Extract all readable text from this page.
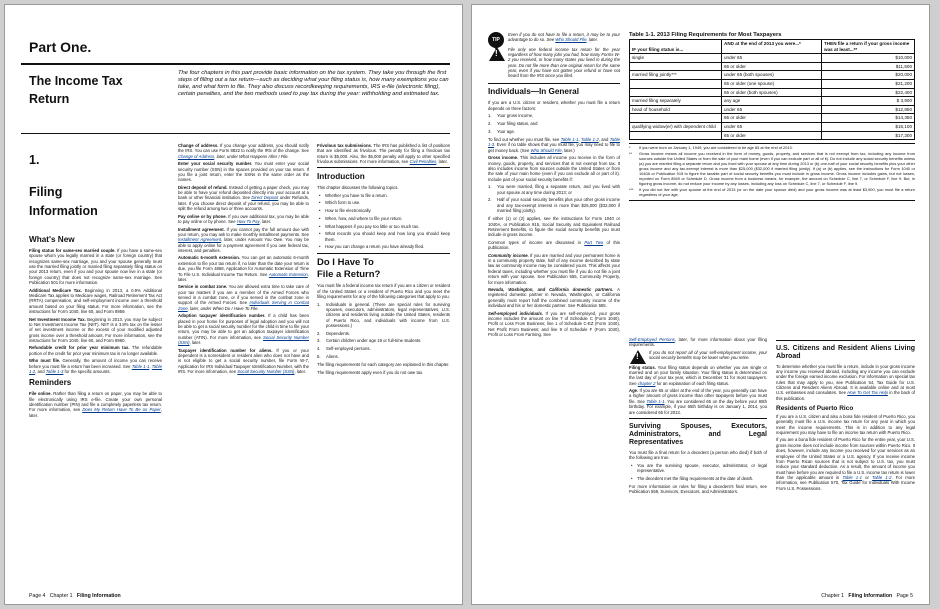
Part One.
The Income Tax
Return
The four chapters in this part provide basic information on the tax system. They take you through the first steps of filling out a tax return—such as deciding what your filing status is, how many exemptions you can take, and what form to file. They also discuss recordkeeping requirements, IRS e-file (electronic filing), certain penalties, and the two methods used to pay tax during the year: withholding and estimated tax.
1.
Filing
Information
What's New

Filing status for same-sex married couple. If you have a same-sex spouse whom you legally married in a state (or foreign country) that recognizes same-sex marriage, you and your spouse generally must use the married filing jointly or married filing separately filing status on your 2013 return, even if you and your spouse now live in a state (or foreign country) that does not recognize same-sex marriage. See Publication 501 for more information.

Additional Medicare Tax. Beginning in 2013, a 0.9% Additional Medicare Tax applies to Medicare wages, Railroad Retirement Tax Act (RRTA) compensation, and self-employment income over a threshold amount based on your filing status. For more information, see the instructions for Form 1040, line 60, and Form 8959.

Net Investment Income Tax. Beginning in 2013, you may be subject to Net Investment Income Tax (NIIT). NIIT is a 3.8% tax on the lesser of net investment income or the excess of your modified adjusted gross income over a threshold amount. For more information, see the instructions for Form 1040, line 60, and Form 8960.

Refundable credit for prior year minimum tax. The refundable portion of the credit for prior year minimum tax is no longer available.

Who must file. Generally, the amount of income you can receive before you must file a return has been increased. See Table 1-1, Table 1-2, and Table 1-3 for the specific amounts.

Reminders

File online. Rather than filing a return on paper, you may be able to file electronically using IRS e-file. Create your own personal identification number (PIN) and file a completely paperless tax return. For more information, see Does My Return Have To Be on Paper, later.

Change of address. If you change your address, you should notify the IRS. You can use Form 8822 to notify the IRS of the change. See Change of Address, later, under What Happens After I File.

Enter your social security number. You must enter your social security number (SSN) in the spaces provided on your tax return. If you file a joint return, enter the SSNs in the same order as the names.

Direct deposit of refund. Instead of getting a paper check, you may be able to have your refund deposited directly into your account at a bank or other financial institution. See Direct Deposit under Refunds, later. If you choose direct deposit of your refund, you may be able to split the refund among two or three accounts.

Pay online or by phone. If you owe additional tax, you may be able to pay online or by phone. See How To Pay, later.

Installment agreement. If you cannot pay the full amount due with your return, you may ask to make monthly installment payments. See Installment Agreement, later, under Amount You Owe. You may be able to apply online for a payment agreement if you owe federal tax, interest, and penalties.

Automatic 6-month extension. You can get an automatic 6-month extension to file your tax return if, no later than the date your return is due, you file Form 4868, Application for Automatic Extension of Time To File U.S. Individual Income Tax Return. See Automatic Extension, later.

Service in combat zone. You are allowed extra time to take care of your tax matters if you are a member of the Armed Forces who served in a combat zone, or if you served in the combat zone in support of the Armed Forces. See Individuals Serving in Combat Zone, later, under When Do I Have To File.

Adoption taxpayer identification number. If a child has been placed in your home for purposes of legal adoption and you will not be able to get a social security number for the child in time to file your return, you may be able to get an adoption taxpayer identification number (ATIN). For more information, see Social Security Number (SSN), later.

Taxpayer identification number for aliens. If you or your dependent is a nonresident or resident alien who does not have and is not eligible to get a social security number, file Form W-7, Application for IRS Individual Taxpayer Identification Number, with the IRS. For more information, see Social Security Number (SSN), later.

Frivolous tax submissions. The IRS has published a list of positions that are identified as frivolous. The penalty for filing a frivolous tax return is $5,000. Also, the $5,000 penalty will apply to other specified frivolous submissions. For more information, see Civil Penalties, later.

Introduction

This chapter discusses the following topics.

• Whether you have to file a return.
• Which form to use.
• How to file electronically.
• When, how, and where to file your return.
• What happens if you pay too little or too much tax.
• What records you should keep and how long you should keep them.
• How you can change a return you have already filed.
Do I Have To
File a Return?

You must file a federal income tax return if you are a citizen or resident of the United States or a resident of Puerto Rico and you meet the filing requirements for any of the following categories that apply to you.

1. Individuals in general. (There are special rules for surviving spouses, executors, administrators, legal representatives, U.S. citizens and residents living outside the United States, residents of Puerto Rico, and individuals with income from U.S. possessions.)
2. Dependents.
3. Certain children under age 19 or full-time students.
4. Self-employed persons.
5. Aliens.

The filing requirements for each category are explained in this chapter.

The filing requirements apply even if you do not owe tax.

Page 4 Chapter 1 Filing Information
TIP
Even if you do not have to file a return, it may be to your advantage to do so. See Who Should File, later.
! File only one federal income tax return for the year regardless of how many jobs you had, how many Forms W-2 you received, or how many states you lived in during the year. Do not file more than one original return for the same year, even if you have not gotten your refund or have not heard from the IRS since you filed.
Individuals—In General

If you are a U.S. citizen or resident, whether you must file a return depends on three factors:

1. Your gross income,
2. Your filing status, and
3. Your age.

To find out whether you must file, see Table 1-1, Table 1-2, and Table 1-3. Even if no table shows that you must file, you may need to file to get money back. (See Who Should File, later.)

Gross income. This includes all income you receive in the form of money, goods, property, and services that is not exempt from tax. It also includes income from sources outside the United States or from the sale of your main home (even if you can exclude all or part of it). Include part of your social security benefits if:

1. You were married, filing a separate return, and you lived with your spouse at any time during 2013; or
2. Half of your social security benefits plus your other gross income and any tax-exempt interest is more than $25,000 ($32,000 if married filing jointly).

If either (1) or (2) applies, see the instructions for Form 1040 or 1040A, or Publication 915, Social Security and Equivalent Railroad Retirement Benefits, to figure the social security benefits you must include in gross income.

Common types of income are discussed in Part Two of this publication.

Community income. If you are married and your permanent home is in a community property state, half of any income described by state law as community income may be considered yours. This affects your federal taxes, including whether you must file if you do not file a joint return with your spouse. See Publication 555, Community Property, for more information.

Nevada, Washington, and California domestic partners. A registered domestic partner in Nevada, Washington, or California generally must report half the combined community income of the individual and his or her domestic partner. See Publication 555.

Self-employed individuals. If you are self-employed, your gross income includes the amount on line 7 of Schedule C (Form 1040), Profit or Loss From Business; line 1 of Schedule C-EZ (Form 1040), Net Profit From Business; and line 9 of Schedule F (Form 1040), Profit or Loss From Farming. See

Table 1-1. 2013 Filing Requirements for Most Taxpayers
IF your filing status is...	AND at the end of 2013 you were...*	THEN file a return if your gross income was at least...**
single	under 65	$10,000
	65 or older	$11,500
married filing jointly***	under 65 (both spouses)	$20,000
	65 or older (one spouse)	$21,200
	65 or older (both spouses)	$22,400
married filing separately	any age	$ 3,900
head of household	under 65	$12,850
	65 or older	$14,350
qualifying widow(er) with dependent child	under 65	$16,100
	65 or older	$17,300
* If you were born on January 1, 1949, you are considered to be age 65 at the end of 2013.
** Gross income means all income you received in the form of money, goods, property, and services that is not exempt from tax, including any income from sources outside the United States or from the sale of your main home (even if you can exclude part or all of it). Do not include any social security benefits unless (a) you are married filing a separate return and you lived with your spouse at any time during 2013 or (b) one-half of your social security benefits plus your other gross income and any tax-exempt interest is more than $25,000 ($32,000 if married filing jointly). If (a) or (b) applies, see the instructions for Form 1040 or 1040A or Publication 915 to figure the taxable part of social security benefits you must include in gross income. Gross income includes gains, but not losses, reported on Form 8949 or Schedule D. Gross income from a business means, for example, the amount on Schedule C, line 7, or Schedule F, line 9. But, in figuring gross income, do not reduce your income by any losses, including any loss on Schedule C, line 7, or Schedule F, line 9.
*** If you did not live with your spouse at the end of 2013 (or on the date your spouse died) and your gross income was at least $3,900, you must file a return regardless of your age.

Self-Employed Persons, later, for more information about your filing requirements.

! If you do not report all of your self-employment income, your social security benefits may be lower when you retire.

Filing status. Your filing status depends on whether you are single or married and on your family situation. Your filing status is determined on the last day of your tax year, which is December 31 for most taxpayers. See chapter 2 for an explanation of each filing status.

Age. If you are 65 or older at the end of the year, you generally can have a higher amount of gross income than other taxpayers before you must file. See Table 1-1. You are considered 65 on the day before your 65th birthday. For example, if your 65th birthday is on January 1, 2014, you are considered 65 for 2013.

Surviving Spouses, Executors, Administrators, and Legal Representatives

You must file a final return for a decedent (a person who died) if both of the following are true.

• You are the surviving spouse, executor, administrator, or legal representative.
• The decedent met the filing requirements at the date of death.

For more information on rules for filing a decedent's final return, see Publication 559, Survivors, Executors, and Administrators.

U.S. Citizens and Resident Aliens Living Abroad

To determine whether you must file a return, include in your gross income any income you received abroad, including any income you can exclude under the foreign earned income exclusion. For information on special tax rules that may apply to you, see Publication 54, Tax Guide for U.S. Citizens and Resident Aliens Abroad. It is available online and at most U.S. embassies and consulates. See How To Get Tax Help in the back of this publication.

Residents of Puerto Rico

If you are a U.S. citizen and also a bona fide resident of Puerto Rico, you generally must file a U.S. income tax return for any year in which you meet the income requirements. This is in addition to any legal requirement you may have to file an income tax return with Puerto Rico.

If you are a bona fide resident of Puerto Rico for the entire year, your U.S. gross income does not include income from sources within Puerto Rico. It does, however, include any income you received for your services as an employee of the United States or a U.S. agency. If you receive income from Puerto Rican sources that is not subject to U.S. tax, you must reduce your standard deduction. As a result, the amount of income you must have before you are required to file a U.S. income tax return is lower than the applicable amount in Table 1-1 or Table 1-2. For more information, see Publication 570, Tax Guide for Individuals With Income From U.S. Possessions.

Chapter 1 Filing Information Page 5
